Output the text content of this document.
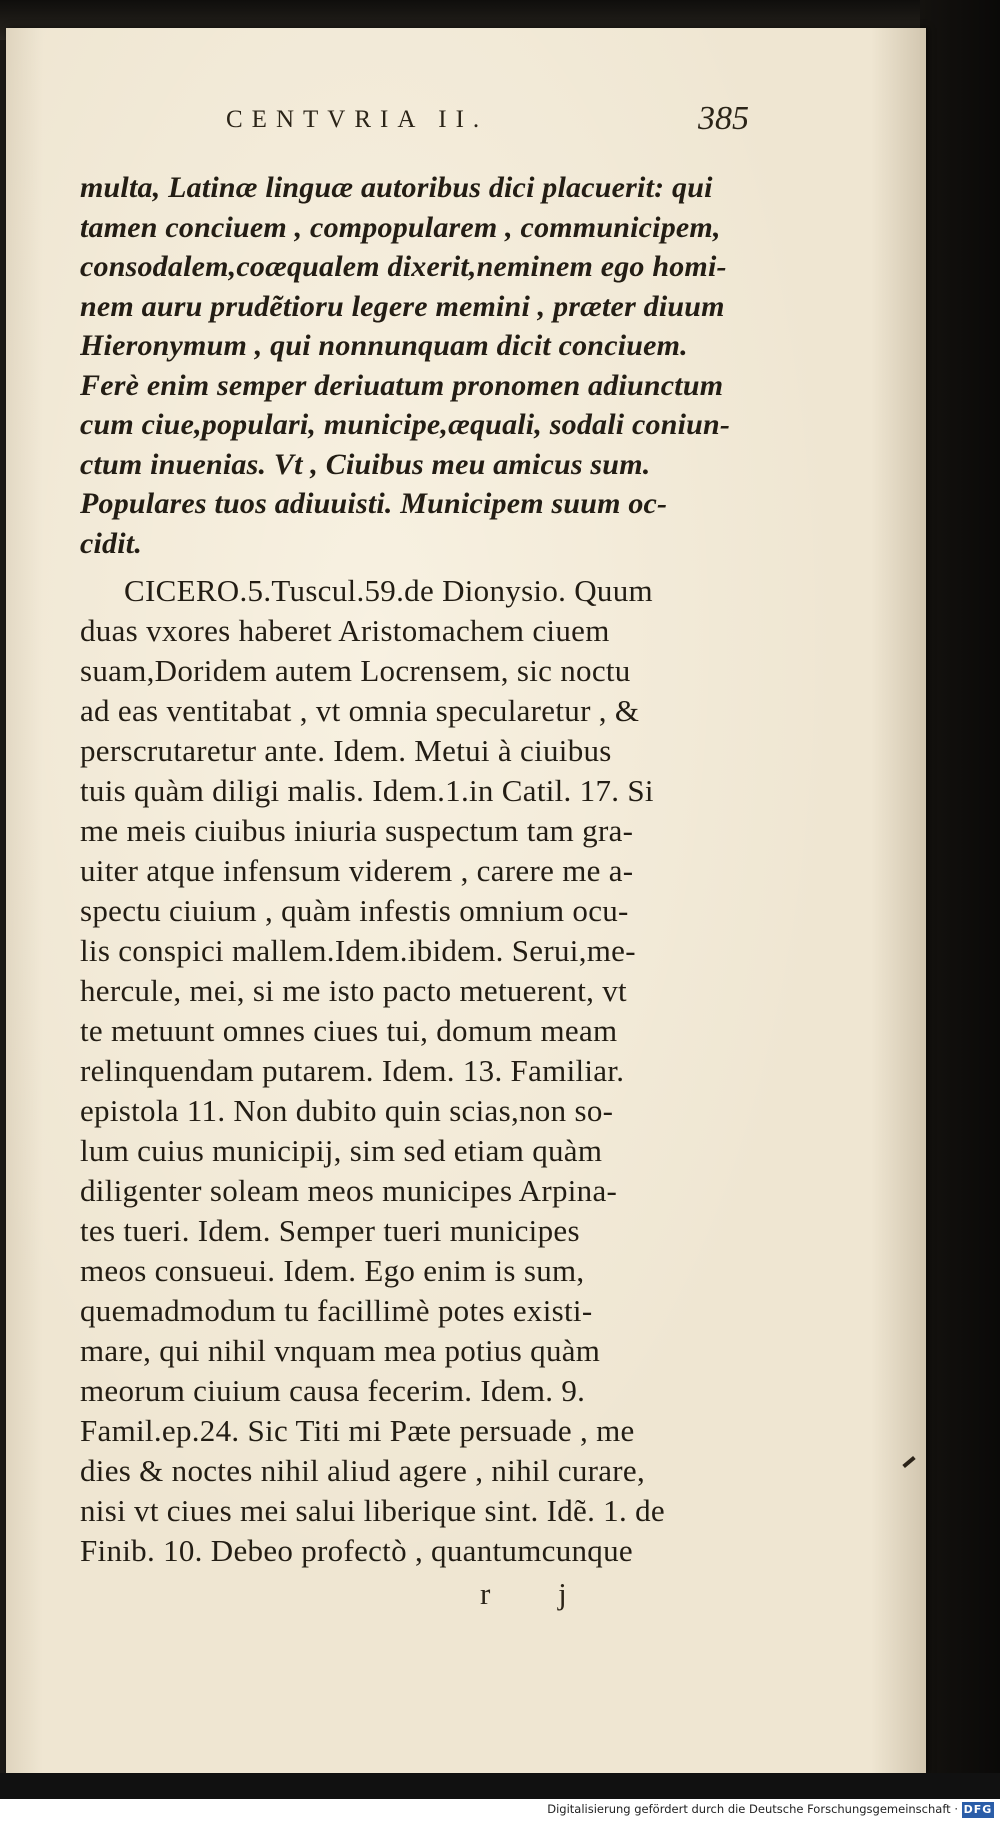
CENTVRIA II.	385
multa, Latinæ linguæ autoribus dici placuerit: qui
tamen conciuem , compopularem , communicipem,
consodalem,coæqualem dixerit,neminem ego homi-
nem auru prudẽtioru legere memini , præter diuum
Hieronymum , qui nonnunquam dicit conciuem.
Ferè enim semper deriuatum pronomen adiunctum
cum ciue,populari, municipe,æquali, sodali coniun-
ctum inuenias. Vt , Ciuibus meu amicus sum.
Populares tuos adiuuisti. Municipem suum oc-
cidit.
CICERO.5.Tuscul.59.de Dionysio. Quum
duas vxores haberet Aristomachem ciuem
suam,Doridem autem Locrensem, sic noctu
ad eas ventitabat , vt omnia specularetur , &
perscrutaretur ante. Idem. Metui à ciuibus
tuis quàm diligi malis. Idem.1.in Catil. 17. Si
me meis ciuibus iniuria suspectum tam gra-
uiter atque infensum viderem , carere me a-
spectu ciuium , quàm infestis omnium ocu-
lis conspici mallem.Idem.ibidem. Serui,me-
hercule, mei, si me isto pacto metuerent, vt
te metuunt omnes ciues tui, domum meam
relinquendam putarem. Idem. 13. Familiar.
epistola 11. Non dubito quin scias,non so-
lum cuius municipij, sim sed etiam quàm
diligenter soleam meos municipes Arpina-
tes tueri. Idem. Semper tueri municipes
meos consueui. Idem. Ego enim is sum,
quemadmodum tu facillimè potes existi-
mare, qui nihil vnquam mea potius quàm
meorum ciuium causa fecerim. Idem. 9.
Famil.ep.24. Sic Titi mi Pæte persuade , me
dies & noctes nihil aliud agere , nihil curare,
nisi vt ciues mei salui liberique sint. Idẽ. 1. de
Finib. 10. Debeo profectò , quantumcunque
r j
Digitalisierung gefördert durch die Deutsche Forschungsgemeinschaft · DFG
